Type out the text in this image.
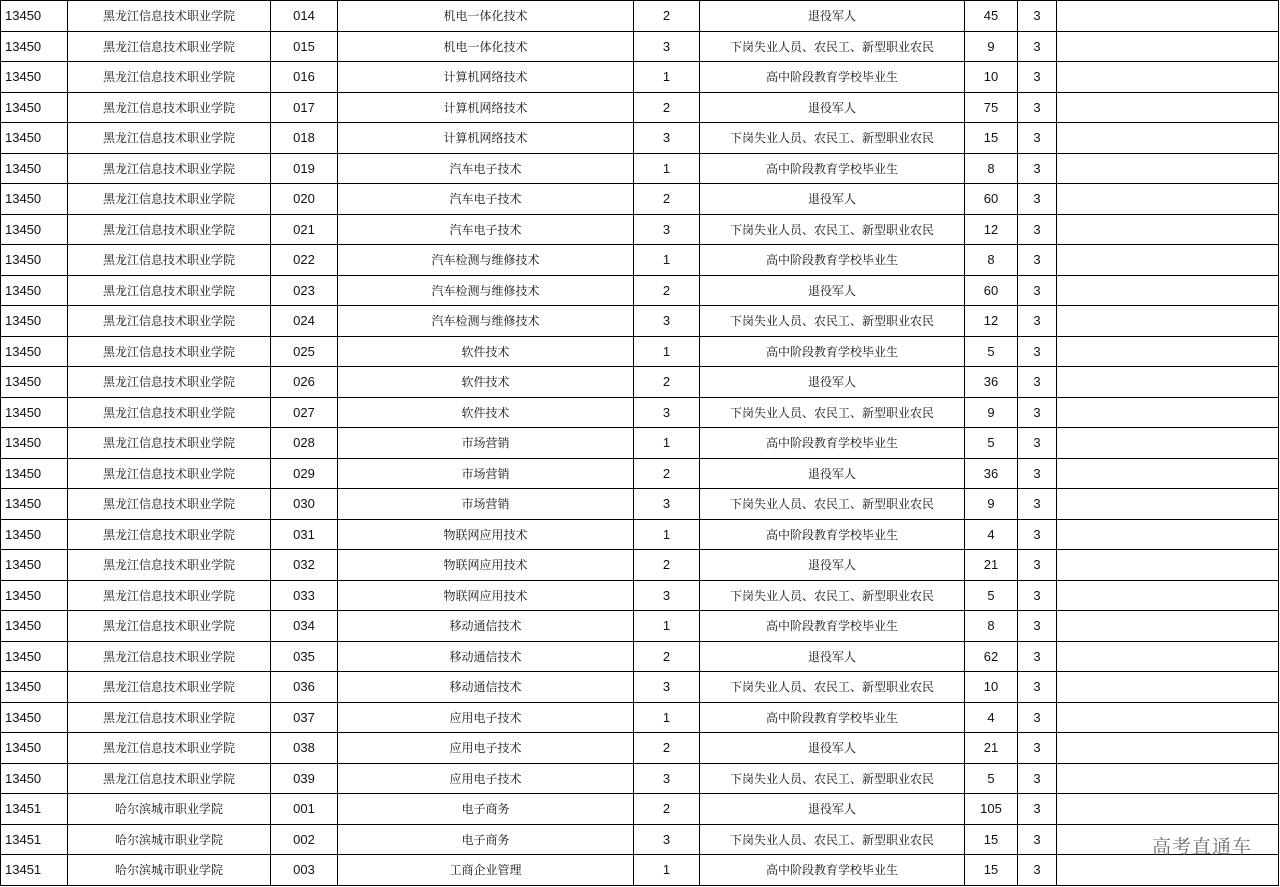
13450	黑龙江信息技术职业学院	014	机电一体化技术	2	退役军人	45	3	
13450	黑龙江信息技术职业学院	015	机电一体化技术	3	下岗失业人员、农民工、新型职业农民	9	3	
13450	黑龙江信息技术职业学院	016	计算机网络技术	1	高中阶段教育学校毕业生	10	3	
13450	黑龙江信息技术职业学院	017	计算机网络技术	2	退役军人	75	3	
13450	黑龙江信息技术职业学院	018	计算机网络技术	3	下岗失业人员、农民工、新型职业农民	15	3	
13450	黑龙江信息技术职业学院	019	汽车电子技术	1	高中阶段教育学校毕业生	8	3	
13450	黑龙江信息技术职业学院	020	汽车电子技术	2	退役军人	60	3	
13450	黑龙江信息技术职业学院	021	汽车电子技术	3	下岗失业人员、农民工、新型职业农民	12	3	
13450	黑龙江信息技术职业学院	022	汽车检测与维修技术	1	高中阶段教育学校毕业生	8	3	
13450	黑龙江信息技术职业学院	023	汽车检测与维修技术	2	退役军人	60	3	
13450	黑龙江信息技术职业学院	024	汽车检测与维修技术	3	下岗失业人员、农民工、新型职业农民	12	3	
13450	黑龙江信息技术职业学院	025	软件技术	1	高中阶段教育学校毕业生	5	3	
13450	黑龙江信息技术职业学院	026	软件技术	2	退役军人	36	3	
13450	黑龙江信息技术职业学院	027	软件技术	3	下岗失业人员、农民工、新型职业农民	9	3	
13450	黑龙江信息技术职业学院	028	市场营销	1	高中阶段教育学校毕业生	5	3	
13450	黑龙江信息技术职业学院	029	市场营销	2	退役军人	36	3	
13450	黑龙江信息技术职业学院	030	市场营销	3	下岗失业人员、农民工、新型职业农民	9	3	
13450	黑龙江信息技术职业学院	031	物联网应用技术	1	高中阶段教育学校毕业生	4	3	
13450	黑龙江信息技术职业学院	032	物联网应用技术	2	退役军人	21	3	
13450	黑龙江信息技术职业学院	033	物联网应用技术	3	下岗失业人员、农民工、新型职业农民	5	3	
13450	黑龙江信息技术职业学院	034	移动通信技术	1	高中阶段教育学校毕业生	8	3	
13450	黑龙江信息技术职业学院	035	移动通信技术	2	退役军人	62	3	
13450	黑龙江信息技术职业学院	036	移动通信技术	3	下岗失业人员、农民工、新型职业农民	10	3	
13450	黑龙江信息技术职业学院	037	应用电子技术	1	高中阶段教育学校毕业生	4	3	
13450	黑龙江信息技术职业学院	038	应用电子技术	2	退役军人	21	3	
13450	黑龙江信息技术职业学院	039	应用电子技术	3	下岗失业人员、农民工、新型职业农民	5	3	
13451	哈尔滨城市职业学院	001	电子商务	2	退役军人	105	3	
13451	哈尔滨城市职业学院	002	电子商务	3	下岗失业人员、农民工、新型职业农民	15	3	
13451	哈尔滨城市职业学院	003	工商企业管理	1	高中阶段教育学校毕业生	15	3	
高考直通车
